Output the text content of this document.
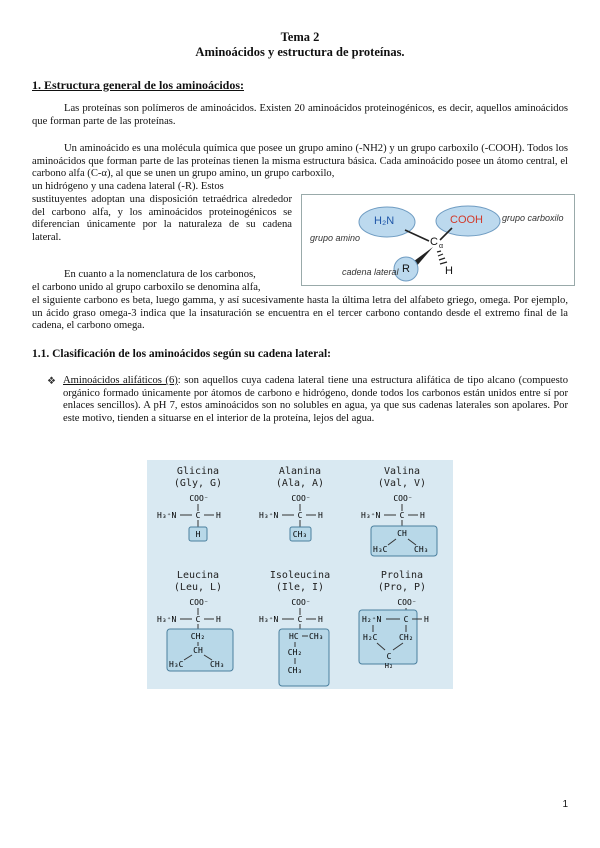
Tema 2
Aminoácidos y estructura de proteínas.
1. Estructura general de los aminoácidos:
Las proteínas son polímeros de aminoácidos. Existen 20 aminoácidos proteinogénicos, es decir, aquellos aminoácidos que forman parte de las proteínas.
Un aminoácido es una molécula química que posee un grupo amino (-NH2) y un grupo carboxilo (-COOH). Todos los aminoácidos que forman parte de las proteínas tienen la misma estructura básica. Cada aminoácido posee un átomo central, el carbono alfa (C-α), al que se unen un grupo amino, un grupo carboxilo,
un hidrógeno y una cadena lateral (-R). Estos
sustituyentes adoptan una disposición tetraédrica alrededor del carbono alfa, y los aminoácidos proteinogénicos se diferencian únicamente por la naturaleza de su cadena lateral.
En cuanto a la nomenclatura de los carbonos,
el carbono unido al grupo carboxilo se denomina alfa,
el siguiente carbono es beta, luego gamma, y así sucesivamente hasta la última letra del alfabeto griego, omega. Por ejemplo, un ácido graso omega-3 indica que la insaturación se encuentra en el tercer carbono contando desde el extremo final de la cadena, el carbono omega.
H₂N	COOH
C α
R	H
grupo amino
grupo carboxilo
cadena lateral
1.1. Clasificación de los aminoácidos según su cadena lateral:
❖ Aminoácidos alifáticos (6): son aquellos cuya cadena lateral tiene una estructura alifática de tipo alcano (compuesto orgánico formado únicamente por átomos de carbono e hidrógeno, donde todos los carbonos están unidos entre sí por enlaces sencillos). A pH 7, estos aminoácidos son no solubles en agua, ya que sus cadenas laterales son apolares. Por este motivo, tienden a situarse en el interior de la proteína, lejos del agua.
Glicina
(Gly, G)
COO⁻
H₃⁺N C H
H
Alanina
(Ala, A)
COO⁻
H₃⁺N C H
CH₃
Valina
(Val, V)
COO⁻
H₃⁺N C H
CH
H₃C	CH₃
Leucina
(Leu, L)
COO⁻
H₃⁺N C H
CH₂
CH
H₃C	CH₃
Isoleucina
(Ile, I)
COO⁻
H₃⁺N C H
HC CH₃
CH₂
CH₃
Prolina
(Pro, P)
COO⁻
H₂⁺N	C H
H₂C	CH₂
C
H₂
1
